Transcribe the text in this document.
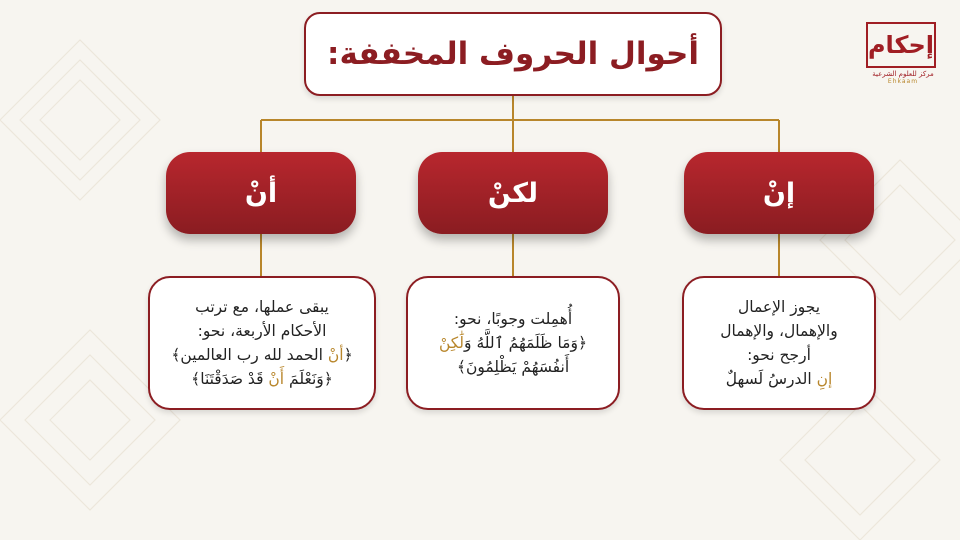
أحوال الحروف المخففة:	إحكام
مركز للعلوم الشرعية
Ehkaam
إنْ
يجوز الإعمال
والإهمال، والإهمال
أرجح نحو:
إنِ الدرسُ لَسهلٌ
لكنْ
أُهمِلت وجوبًا، نحو:
﴿وَمَا ظَلَمَهُمُ ٱللَّهُ وَلَٰكِنْ
أَنفُسَهُمْ يَظْلِمُونَ﴾
أنْ
يبقى عملها، مع ترتب
الأحكام الأربعة، نحو:
﴿أنْ الحمد لله رب العالمين﴾
﴿وَنَعْلَمَ أَنْ قَدْ صَدَقْتَنَا﴾
